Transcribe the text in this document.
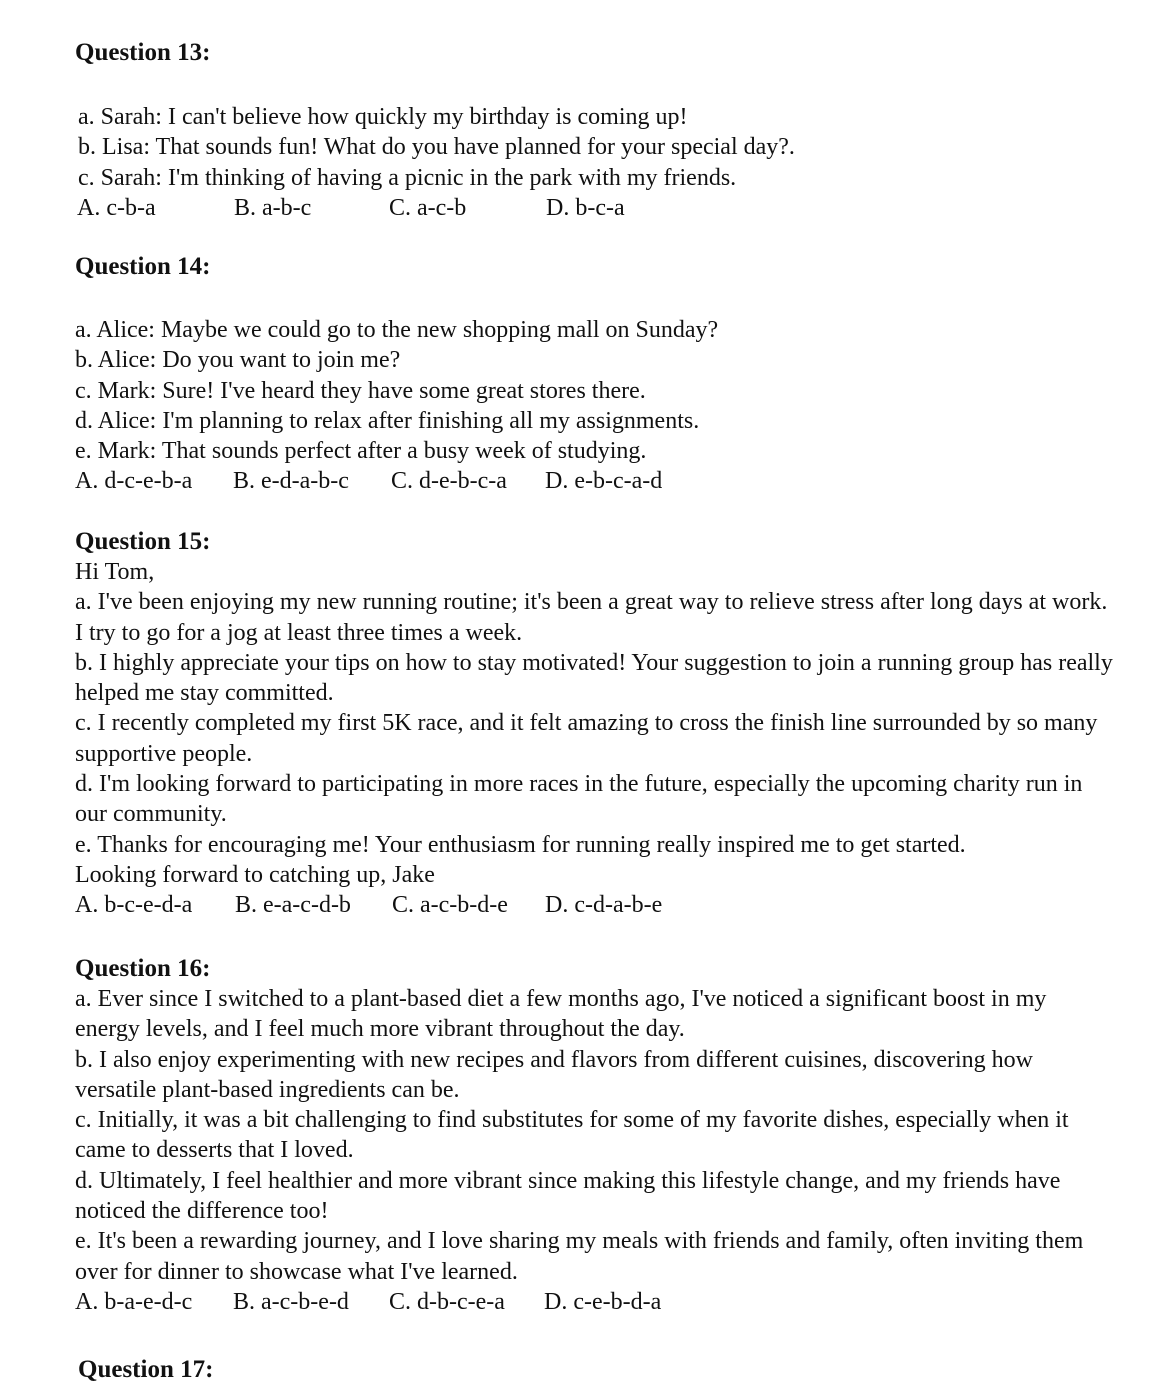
Question 13:
a. Sarah: I can't believe how quickly my birthday is coming up!
b. Lisa: That sounds fun! What do you have planned for your special day?.
c. Sarah: I'm thinking of having a picnic in the park with my friends.
A. c-b-a	B. a-b-c	C. a-c-b	D. b-c-a
Question 14:
a. Alice: Maybe we could go to the new shopping mall on Sunday?
b. Alice: Do you want to join me?
c. Mark: Sure! I've heard they have some great stores there.
d. Alice: I'm planning to relax after finishing all my assignments.
e. Mark: That sounds perfect after a busy week of studying.
A. d-c-e-b-a	B. e-d-a-b-c	C. d-e-b-c-a	D. e-b-c-a-d
Question 15:
Hi Tom,
a. I've been enjoying my new running routine; it's been a great way to relieve stress after long days at work. I try to go for a jog at least three times a week.
b. I highly appreciate your tips on how to stay motivated! Your suggestion to join a running group has really helped me stay committed.
c. I recently completed my first 5K race, and it felt amazing to cross the finish line surrounded by so many supportive people.
d. I'm looking forward to participating in more races in the future, especially the upcoming charity run in our community.
e. Thanks for encouraging me! Your enthusiasm for running really inspired me to get started.
Looking forward to catching up, Jake
A. b-c-e-d-a	B. e-a-c-d-b	C. a-c-b-d-e	D. c-d-a-b-e
Question 16:
a. Ever since I switched to a plant-based diet a few months ago, I've noticed a significant boost in my energy levels, and I feel much more vibrant throughout the day.
b. I also enjoy experimenting with new recipes and flavors from different cuisines, discovering how versatile plant-based ingredients can be.
c. Initially, it was a bit challenging to find substitutes for some of my favorite dishes, especially when it came to desserts that I loved.
d. Ultimately, I feel healthier and more vibrant since making this lifestyle change, and my friends have noticed the difference too!
e. It's been a rewarding journey, and I love sharing my meals with friends and family, often inviting them over for dinner to showcase what I've learned.
A. b-a-e-d-c	B. a-c-b-e-d	C. d-b-c-e-a	D. c-e-b-d-a
Question 17:
